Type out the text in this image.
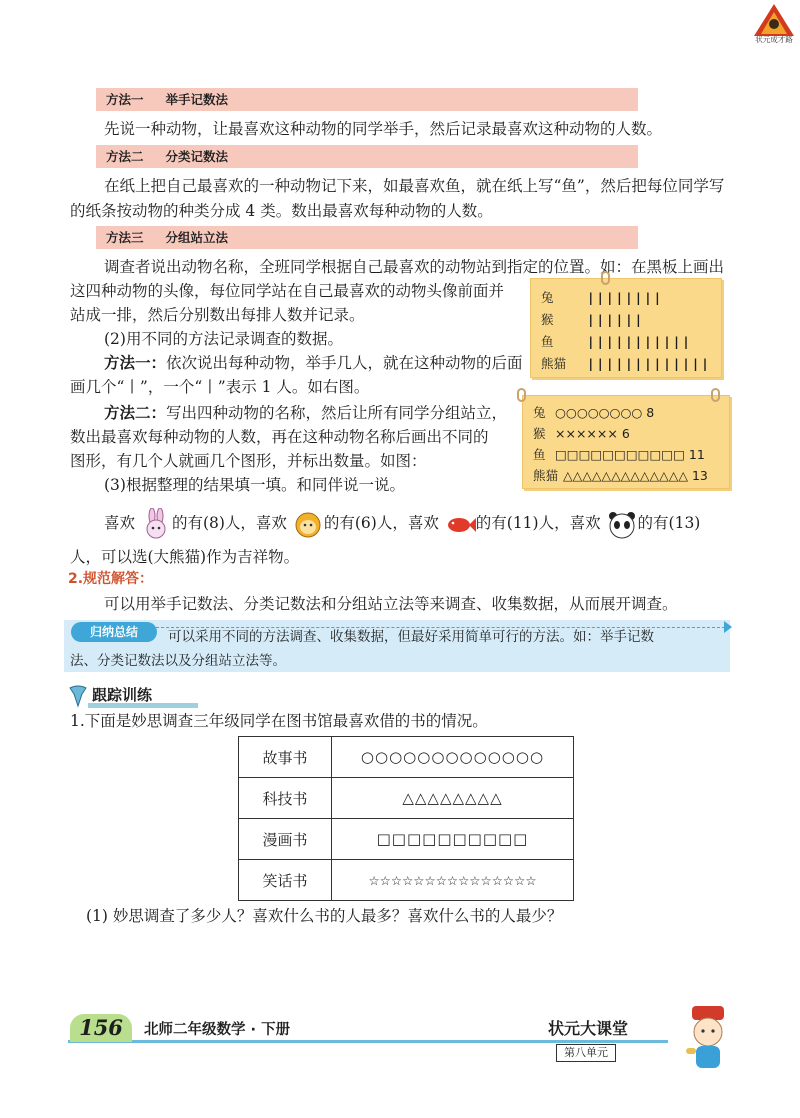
状元成才路
方法一 举手记数法
先说一种动物，让最喜欢这种动物的同学举手，然后记录最喜欢这种动物的人数。
方法二 分类记数法
在纸上把自己最喜欢的一种动物记下来，如最喜欢鱼，就在纸上写“鱼”，然后把每位同学写
的纸条按动物的种类分成 4 类。数出最喜欢每种动物的人数。
方法三 分组站立法
调查者说出动物名称，全班同学根据自己最喜欢的动物站到指定的位置。如：在黑板上画出
这四种动物的头像，每位同学站在自己最喜欢的动物头像前面并
站成一排，然后分别数出每排人数并记录。
(2)用不同的方法记录调查的数据。
方法一：依次说出每种动物，举手几人，就在这种动物的后面
画几个“丨”，一个“丨”表示 1 人。如右图。
方法二：写出四种动物的名称，然后让所有同学分组站立，
数出最喜欢每种动物的人数，再在这种动物名称后画出不同的
图形，有几个人就画几个图形，并标出数量。如图：
(3)根据整理的结果填一填。和同伴说一说。
兔	||||||||
猴	||||||
鱼	|||||||||||
熊猫 |||||||||||||
兔 ○○○○○○○○ 8
猴 ×××××× 6
鱼 □□□□□□□□□□□ 11
熊猫 △△△△△△△△△△△△△ 13
喜欢 的有(8)人，喜欢 的有(6)人，喜欢 的有(11)人，喜欢 的有(13)
人，可以选(大熊猫)作为吉祥物。
2.规范解答：
可以用举手记数法、分类记数法和分组站立法等来调查、收集数据，从而展开调查。
归纳总结	可以采用不同的方法调查、收集数据，但最好采用简单可行的方法。如：举手记数
法、分类记数法以及分组站立法等。
跟踪训练
1.下面是妙思调查三年级同学在图书馆最喜欢借的书的情况。
故事书	○○○○○○○○○○○○○
科技书	△△△△△△△△
漫画书	□□□□□□□□□□
笑话书	☆☆☆☆☆☆☆☆☆☆☆☆☆☆☆
(1) 妙思调查了多少人？喜欢什么书的人最多？喜欢什么书的人最少？
156	北师二年级数学 · 下册	状元大课堂
第八单元
